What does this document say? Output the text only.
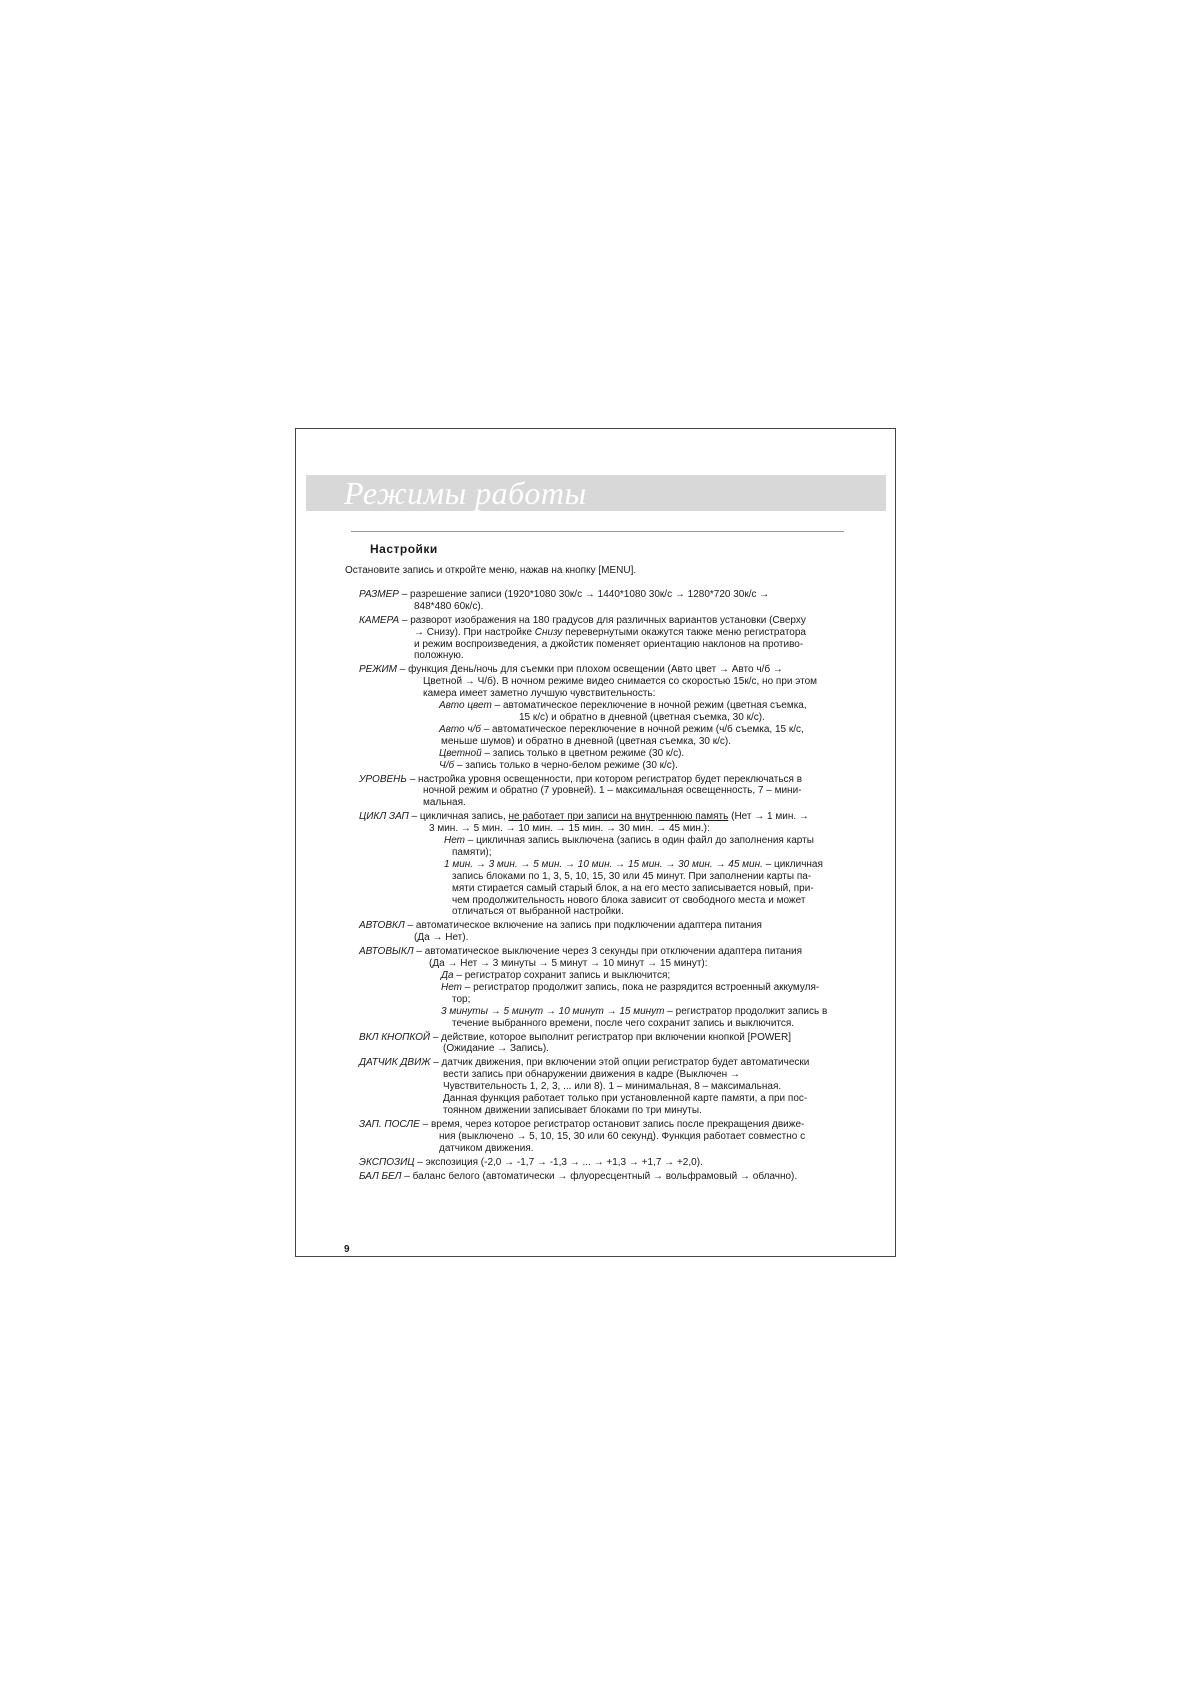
Режимы работы
Настройки

Остановите запись и откройте меню, нажав на кнопку [MENU].

РАЗМЕР – разрешение записи (1920*1080 30к/с → 1440*1080 30к/с → 1280*720 30к/с →

848*480 60к/с).

КАМЕРА – разворот изображения на 180 градусов для различных вариантов установки (Сверху

→ Снизу). При настройке Снизу перевернутыми окажутся также меню регистратора

и режим воспроизведения, а джойстик поменяет ориентацию наклонов на противо-

положную.

РЕЖИМ – функция День/ночь для съемки при плохом освещении (Авто цвет → Авто ч/б →

Цветной → Ч/б). В ночном режиме видео снимается со скоростью 15к/с, но при этом

камера имеет заметно лучшую чувствительность:

Авто цвет – автоматическое переключение в ночной режим (цветная съемка,

15 к/с) и обратно в дневной (цветная съемка, 30 к/с).

Авто ч/б – автоматическое переключение в ночной режим (ч/б съемка, 15 к/с,

меньше шумов) и обратно в дневной (цветная съемка, 30 к/с).

Цветной – запись только в цветном режиме (30 к/с).

Ч/б – запись только в черно-белом режиме (30 к/с).

УРОВЕНЬ – настройка уровня освещенности, при котором регистратор будет переключаться в

ночной режим и обратно (7 уровней). 1 – максимальная освещенность, 7 – мини-

мальная.

ЦИКЛ ЗАП – цикличная запись, не работает при записи на внутреннюю память (Нет → 1 мин. →

3 мин. → 5 мин. → 10 мин. → 15 мин. → 30 мин. → 45 мин.):

Нет – цикличная запись выключена (запись в один файл до заполнения карты

памяти);

1 мин. → 3 мин. → 5 мин. → 10 мин. → 15 мин. → 30 мин. → 45 мин. – цикличная

запись блоками по 1, 3, 5, 10, 15, 30 или 45 минут. При заполнении карты па-

мяти стирается самый старый блок, а на его место записывается новый, при-

чем продолжительность нового блока зависит от свободного места и может

отличаться от выбранной настройки.

АВТОВКЛ – автоматическое включение на запись при подключении адаптера питания

(Да → Нет).

АВТОВЫКЛ – автоматическое выключение через 3 секунды при отключении адаптера питания

(Да → Нет → 3 минуты → 5 минут → 10 минут → 15 минут):

Да – регистратор сохранит запись и выключится;

Нет – регистратор продолжит запись, пока не разрядится встроенный аккумуля-

тор;

3 минуты → 5 минут → 10 минут → 15 минут – регистратор продолжит запись в

течение выбранного времени, после чего сохранит запись и выключится.

ВКЛ КНОПКОЙ – действие, которое выполнит регистратор при включении кнопкой [POWER]

(Ожидание → Запись).

ДАТЧИК ДВИЖ – датчик движения, при включении этой опции регистратор будет автоматически

вести запись при обнаружении движения в кадре (Выключен →

Чувствительность 1, 2, 3, ... или 8). 1 – минимальная, 8 – максимальная.

Данная функция работает только при установленной карте памяти, а при пос-

тоянном движении записывает блоками по три минуты.

ЗАП. ПОСЛЕ – время, через которое регистратор остановит запись после прекращения движе-

ния (выключено → 5, 10, 15, 30 или 60 секунд). Функция работает совместно с

датчиком движения.

ЭКСПОЗИЦ – экспозиция (-2,0 → -1,7 → -1,3 → ... → +1,3 → +1,7 → +2,0).

БАЛ БЕЛ – баланс белого (автоматически → флуоресцентный → вольфрамовый → облачно).

9
